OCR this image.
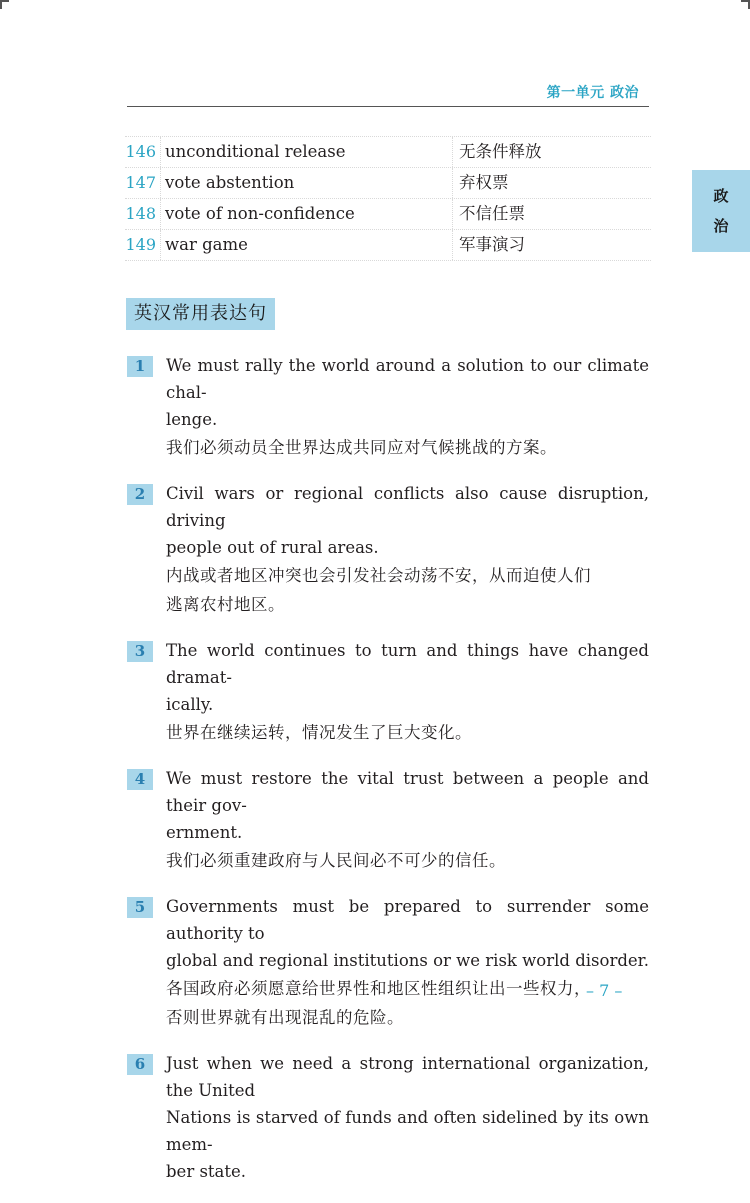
第一单元 政治
政
治
146 unconditional release	无条件释放
147 vote abstention	弃权票
148 vote of non-confidence	不信任票
149 war game	军事演习
英汉常用表达句
1	We must rally the world around a solution to our climate chal-
lenge.
我们必须动员全世界达成共同应对气候挑战的方案。
2	Civil wars or regional conflicts also cause disruption, driving
people out of rural areas.
内战或者地区冲突也会引发社会动荡不安，从而迫使人们
逃离农村地区。
3	The world continues to turn and things have changed dramat-
ically.
世界在继续运转，情况发生了巨大变化。
4	We must restore the vital trust between a people and their gov-
ernment.
我们必须重建政府与人民间必不可少的信任。
5	Governments must be prepared to surrender some authority to
global and regional institutions or we risk world disorder.
各国政府必须愿意给世界性和地区性组织让出一些权力，
否则世界就有出现混乱的危险。
6	Just when we need a strong international organization, the United
Nations is starved of funds and often sidelined by its own mem-
ber state.
– 7 –
